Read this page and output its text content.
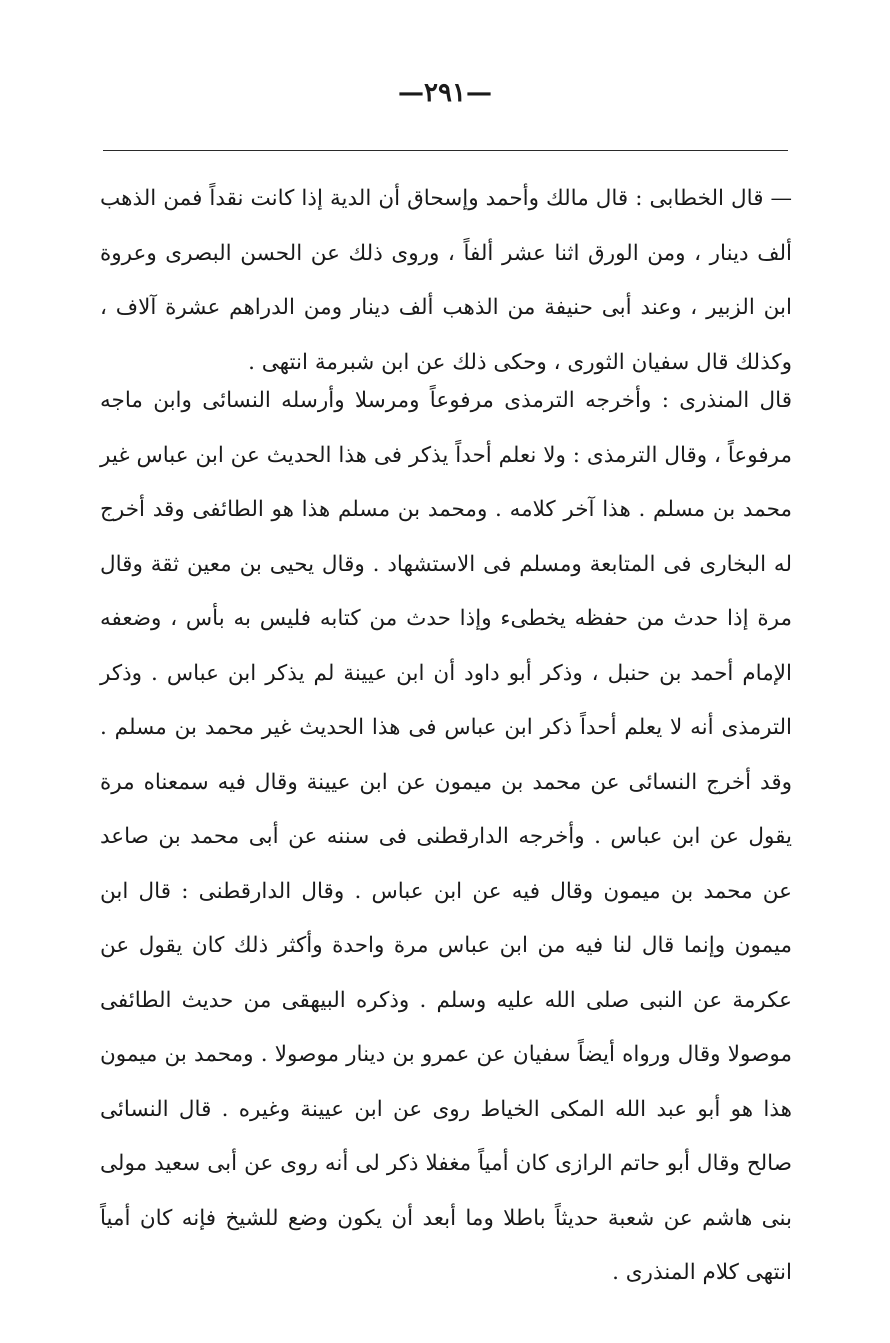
—٢٩١—

— قال الخطابى : قال مالك وأحمد وإسحاق أن الدية إذا كانت نقداً فمن الذهب ألف دينار ، ومن الورق اثنا عشر ألفاً ، وروى ذلك عن الحسن البصرى وعروة ابن الزبير ، وعند أبى حنيفة من الذهب ألف دينار ومن الدراهم عشرة آلاف ، وكذلك قال سفيان الثورى ، وحكى ذلك عن ابن شبرمة انتهى .

قال المنذرى : وأخرجه الترمذى مرفوعاً ومرسلا وأرسله النسائى وابن ماجه مرفوعاً ، وقال الترمذى : ولا نعلم أحداً يذكر فى هذا الحديث عن ابن عباس غير محمد بن مسلم . هذا آخر كلامه . ومحمد بن مسلم هذا هو الطائفى وقد أخرج له البخارى فى المتابعة ومسلم فى الاستشهاد . وقال يحيى بن معين ثقة وقال مرة إذا حدث من حفظه يخطىء وإذا حدث من كتابه فليس به بأس ، وضعفه الإمام أحمد بن حنبل ، وذكر أبو داود أن ابن عيينة لم يذكر ابن عباس . وذكر الترمذى أنه لا يعلم أحداً ذكر ابن عباس فى هذا الحديث غير محمد بن مسلم . وقد أخرج النسائى عن محمد بن ميمون عن ابن عيينة وقال فيه سمعناه مرة يقول عن ابن عباس . وأخرجه الدارقطنى فى سننه عن أبى محمد بن صاعد عن محمد بن ميمون وقال فيه عن ابن عباس . وقال الدارقطنى : قال ابن ميمون وإنما قال لنا فيه من ابن عباس مرة واحدة وأكثر ذلك كان يقول عن عكرمة عن النبى صلى الله عليه وسلم . وذكره البيهقى من حديث الطائفى موصولا وقال ورواه أيضاً سفيان عن عمرو بن دينار موصولا . ومحمد بن ميمون هذا هو أبو عبد الله المكى الخياط روى عن ابن عيينة وغيره . قال النسائى صالح وقال أبو حاتم الرازى كان أمياً مغفلا ذكر لى أنه روى عن أبى سعيد مولى بنى هاشم عن شعبة حديثاً باطلا وما أبعد أن يكون وضع للشيخ فإنه كان أمياً انتهى كلام المنذرى .
